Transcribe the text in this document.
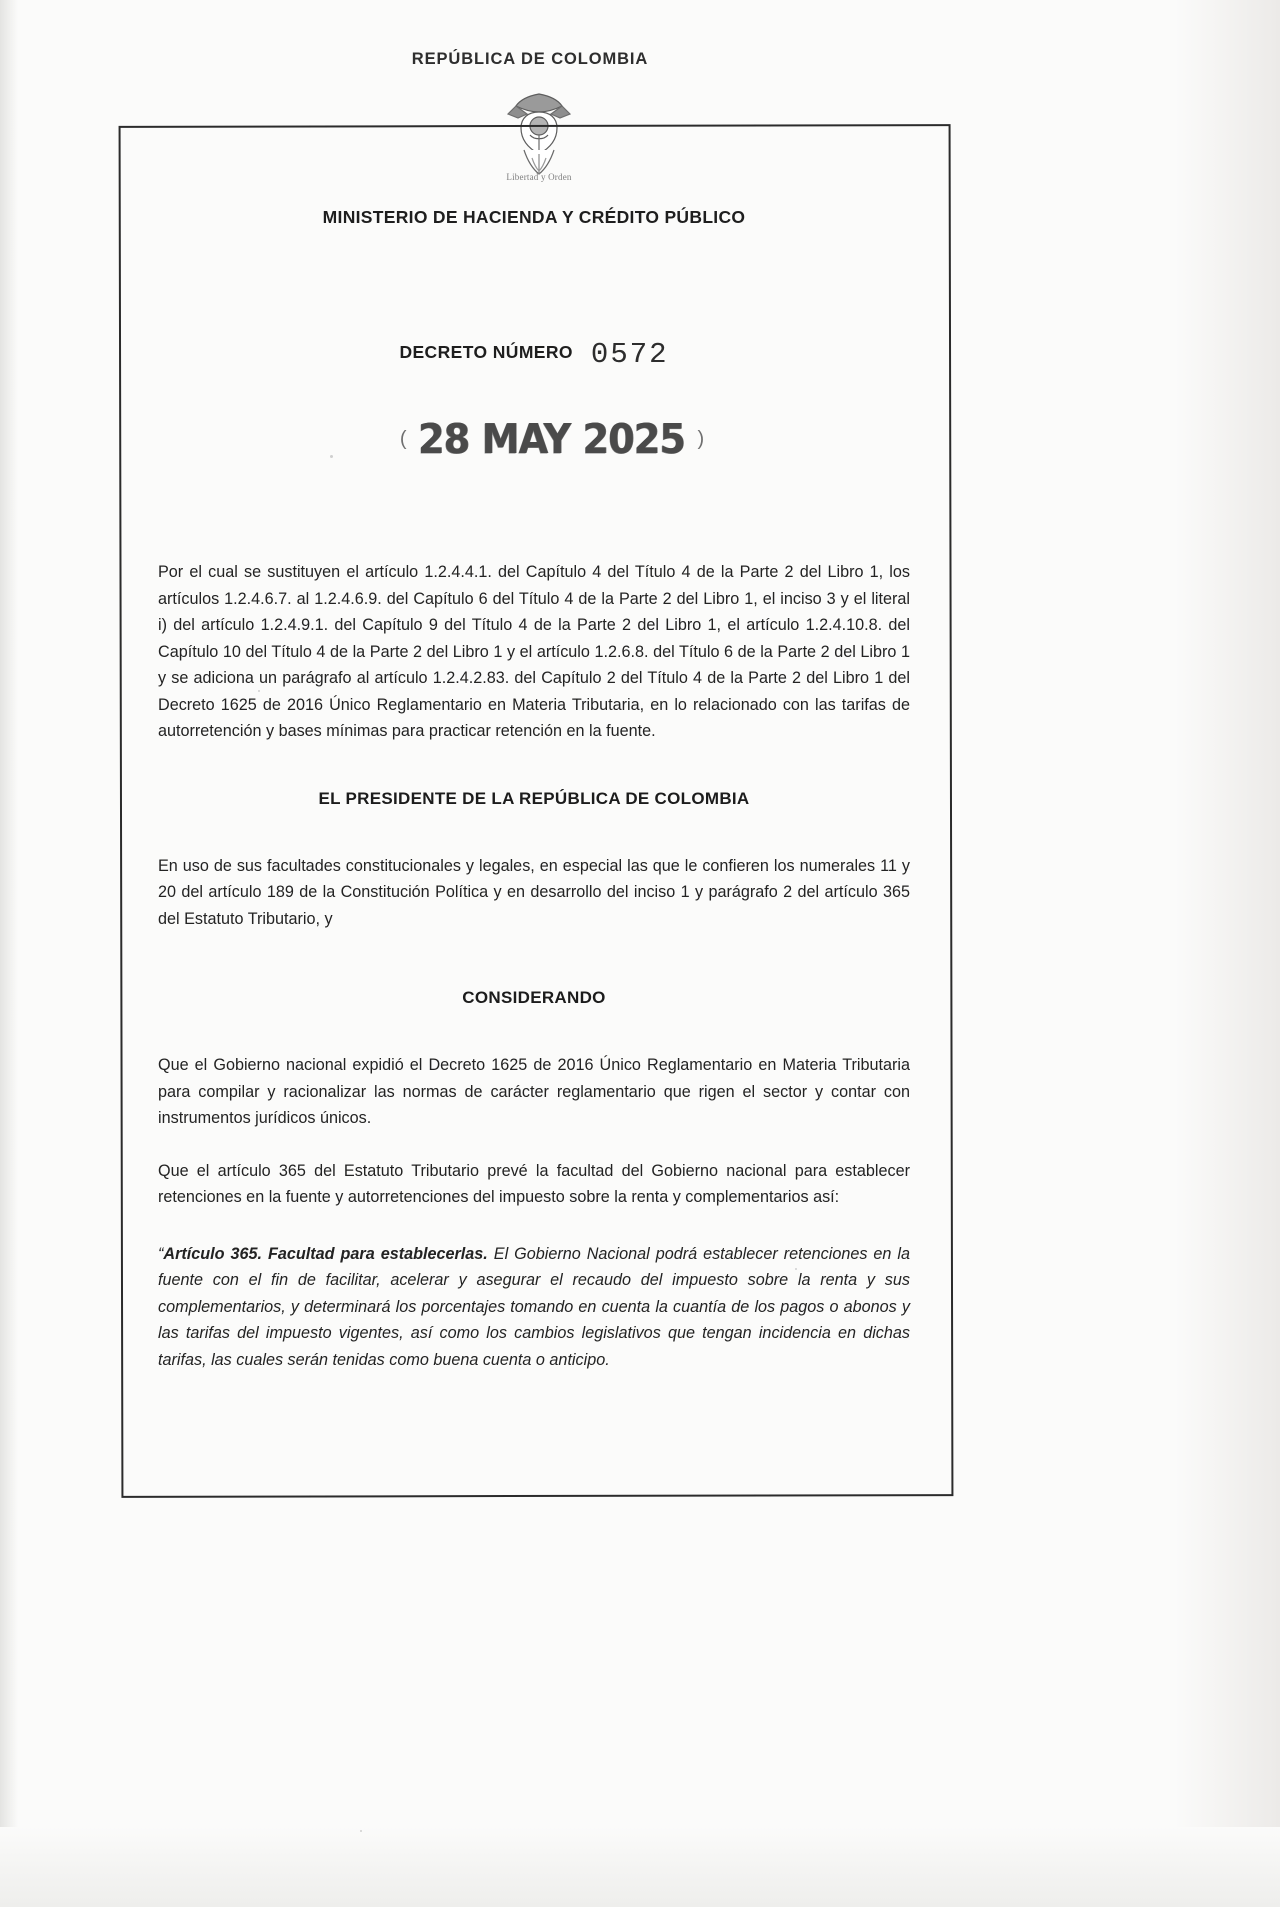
REPÚBLICA DE COLOMBIA
Libertad y Orden
MINISTERIO DE HACIENDA Y CRÉDITO PÚBLICO
DECRETO NÚMERO 0572
( 28 MAY 2025 )
Por el cual se sustituyen el artículo 1.2.4.4.1. del Capítulo 4 del Título 4 de la Parte 2 del Libro 1, los artículos 1.2.4.6.7. al 1.2.4.6.9. del Capítulo 6 del Título 4 de la Parte 2 del Libro 1, el inciso 3 y el literal i) del artículo 1.2.4.9.1. del Capítulo 9 del Título 4 de la Parte 2 del Libro 1, el artículo 1.2.4.10.8. del Capítulo 10 del Título 4 de la Parte 2 del Libro 1 y el artículo 1.2.6.8. del Título 6 de la Parte 2 del Libro 1 y se adiciona un parágrafo al artículo 1.2.4.2.83. del Capítulo 2 del Título 4 de la Parte 2 del Libro 1 del Decreto 1625 de 2016 Único Reglamentario en Materia Tributaria, en lo relacionado con las tarifas de autorretención y bases mínimas para practicar retención en la fuente.
EL PRESIDENTE DE LA REPÚBLICA DE COLOMBIA
En uso de sus facultades constitucionales y legales, en especial las que le confieren los numerales 11 y 20 del artículo 189 de la Constitución Política y en desarrollo del inciso 1 y parágrafo 2 del artículo 365 del Estatuto Tributario, y
CONSIDERANDO
Que el Gobierno nacional expidió el Decreto 1625 de 2016 Único Reglamentario en Materia Tributaria para compilar y racionalizar las normas de carácter reglamentario que rigen el sector y contar con instrumentos jurídicos únicos.
Que el artículo 365 del Estatuto Tributario prevé la facultad del Gobierno nacional para establecer retenciones en la fuente y autorretenciones del impuesto sobre la renta y complementarios así:
“Artículo 365. Facultad para establecerlas. El Gobierno Nacional podrá establecer retenciones en la fuente con el fin de facilitar, acelerar y asegurar el recaudo del impuesto sobre la renta y sus complementarios, y determinará los porcentajes tomando en cuenta la cuantía de los pagos o abonos y las tarifas del impuesto vigentes, así como los cambios legislativos que tengan incidencia en dichas tarifas, las cuales serán tenidas como buena cuenta o anticipo.
